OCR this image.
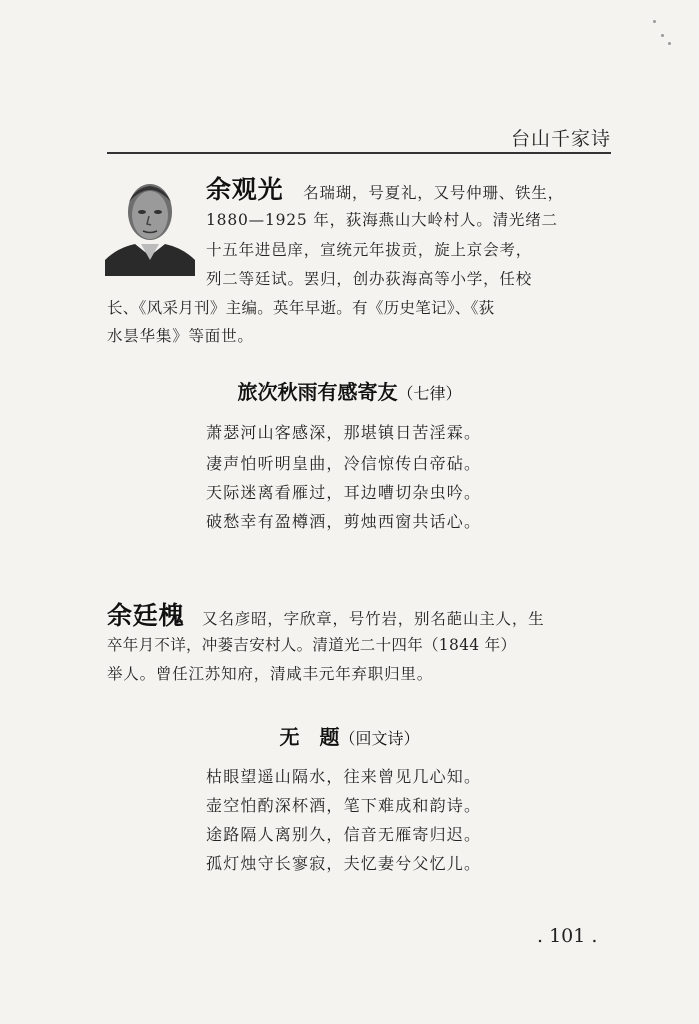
台山千家诗
余观光 名瑞瑚，号夏礼，又号仲珊、铁生，
1880—1925 年，荻海燕山大岭村人。清光绪二
十五年进邑庠，宣统元年拔贡，旋上京会考，
列二等廷试。罢归，创办荻海高等小学，任校
长、《风采月刊》主编。英年早逝。有《历史笔记》、《荻
水昙华集》等面世。
旅次秋雨有感寄友（七律）
萧瑟河山客感深，那堪镇日苦淫霖。
凄声怕听明皇曲，冷信惊传白帝砧。
天际迷离看雁过，耳边嘈切杂虫吟。
破愁幸有盈樽酒，剪烛西窗共话心。
余廷槐 又名彦昭，字欣章，号竹岩，别名葩山主人，生
卒年月不详，冲蒌吉安村人。清道光二十四年（1844 年）
举人。曾任江苏知府，清咸丰元年弃职归里。
无　题（回文诗）
枯眼望遥山隔水，往来曾见几心知。
壶空怕酌深杯酒，笔下难成和韵诗。
途路隔人离别久，信音无雁寄归迟。
孤灯烛守长寥寂，夫忆妻兮父忆儿。
. 101 .
